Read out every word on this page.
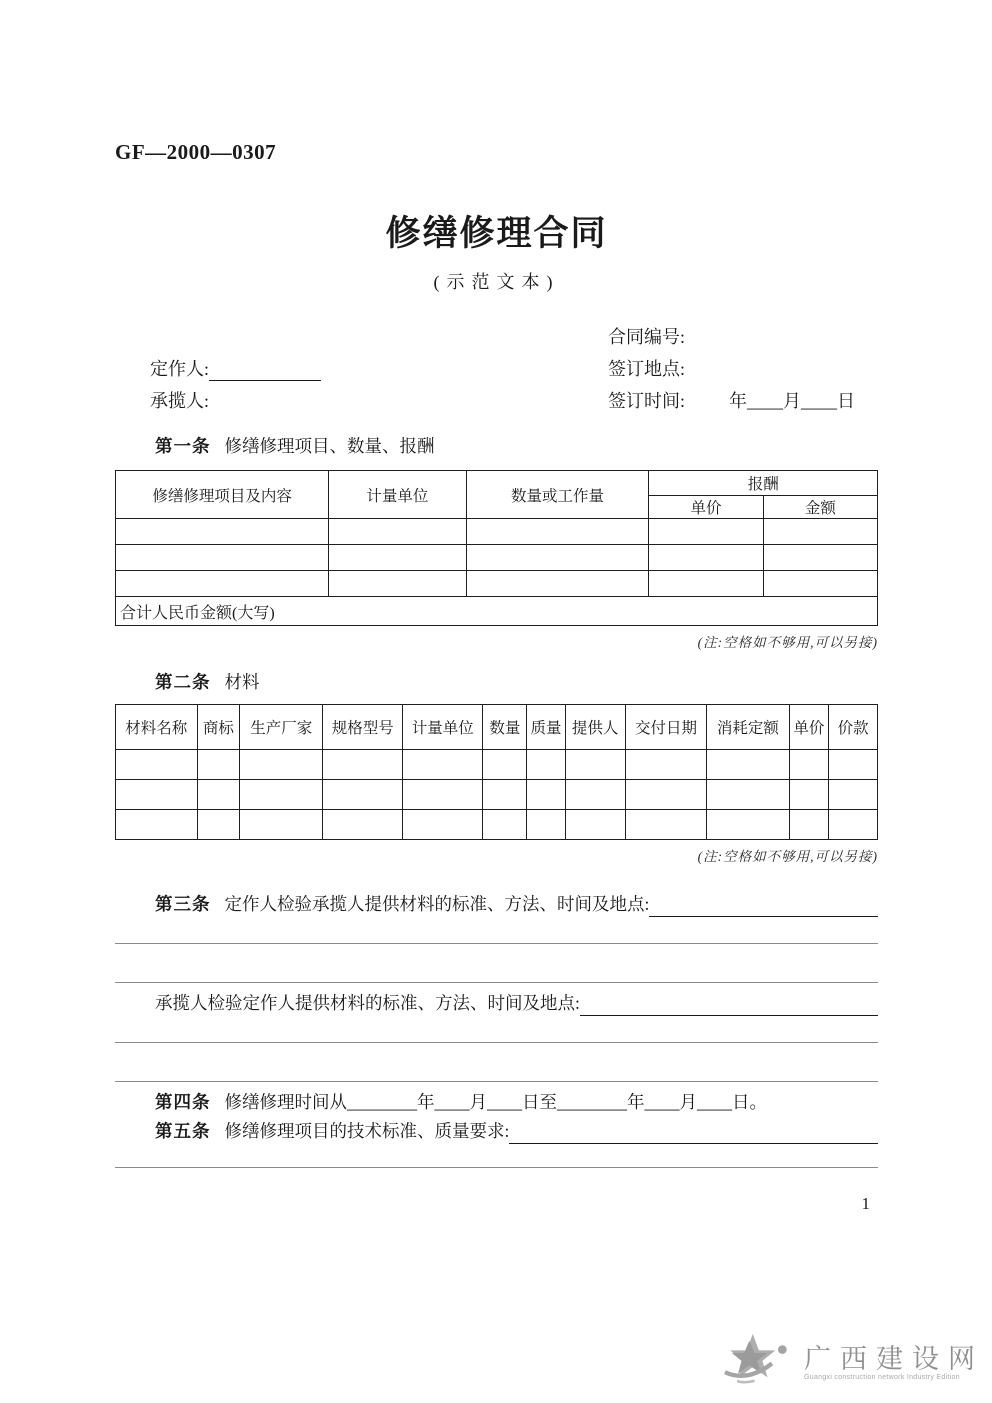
GF—2000—0307
修缮修理合同
(示范文本)
合同编号:
定作人:	签订地点:
承揽人:	签订时间: 年____月____日
第一条 修缮修理项目、数量、报酬
修缮修理项目及内容	计量单位	数量或工作量	报酬	
			单价	金额

合计人民币金额(大写)				
(注:空格如不够用,可以另接)
第二条 材料
材料名称	商标	生产厂家	规格型号	计量单位	数量	质量	提供人	交付日期	消耗定额	单价	价款

(注:空格如不够用,可以另接)
第三条 定作人检验承揽人提供材料的标准、方法、时间及地点:
承揽人检验定作人提供材料的标准、方法、时间及地点:
第四条 修缮修理时间从________年____月____日至________年____月____日。
第五条 修缮修理项目的技术标准、质量要求:
1
广西建设网
Guangxi construction network Industry Edition
